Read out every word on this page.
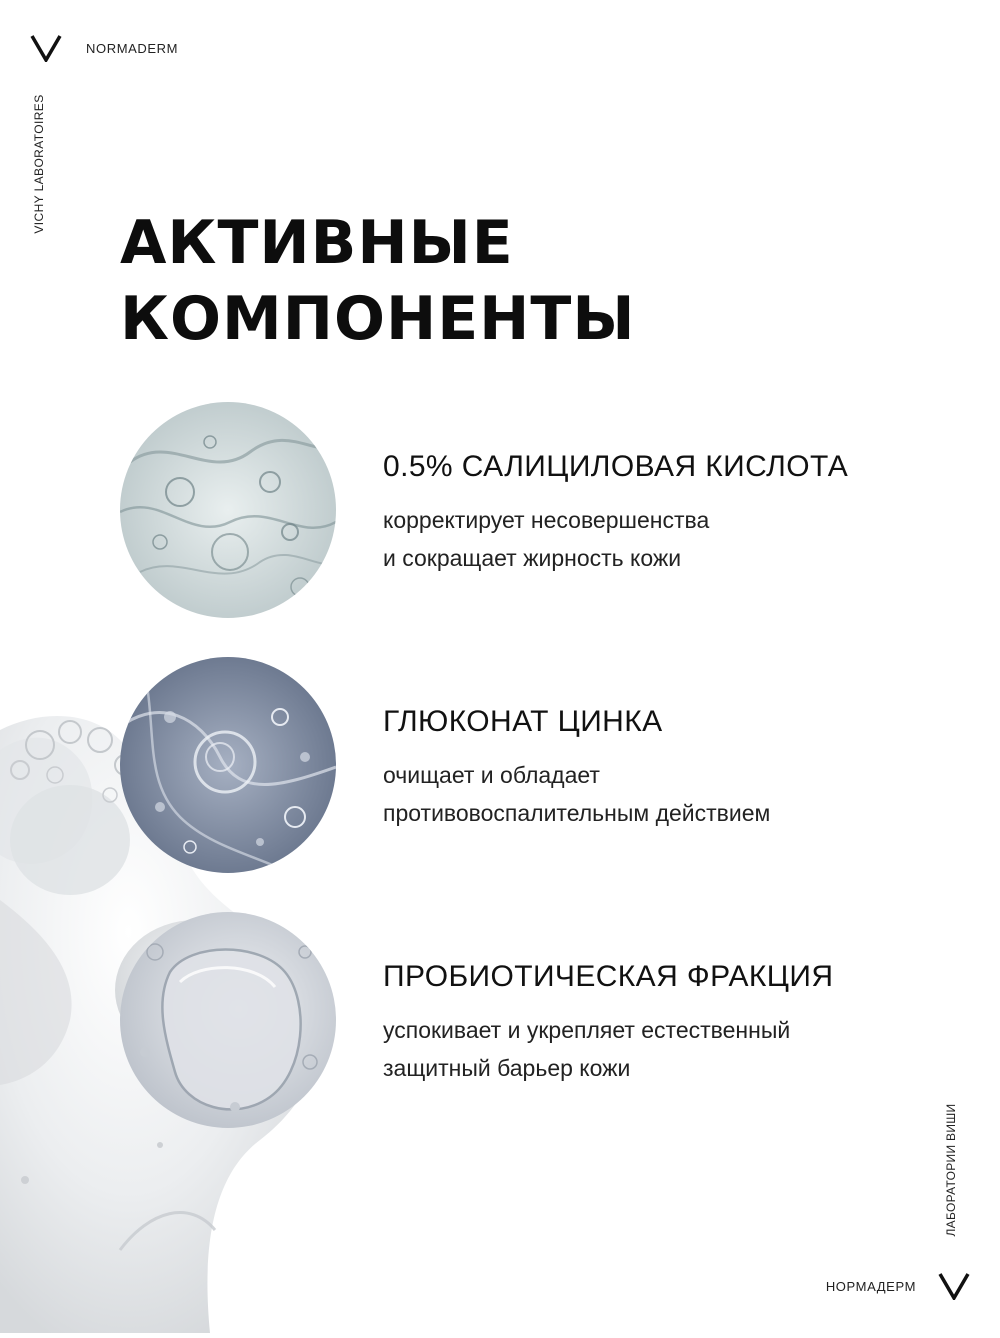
NORMADERM
VICHY LABORATOIRES
АКТИВНЫЕ
КОМПОНЕНТЫ
0.5% САЛИЦИЛОВАЯ КИСЛОТА
корректирует несовершенства
и сокращает жирность кожи
ГЛЮКОНАТ ЦИНКА
очищает и обладает
противовоспалительным действием
ПРОБИОТИЧЕСКАЯ ФРАКЦИЯ
успокивает и укрепляет естественный
защитный барьер кожи
ЛАБОРАТОРИИ ВИШИ
НОРМАДЕРМ
